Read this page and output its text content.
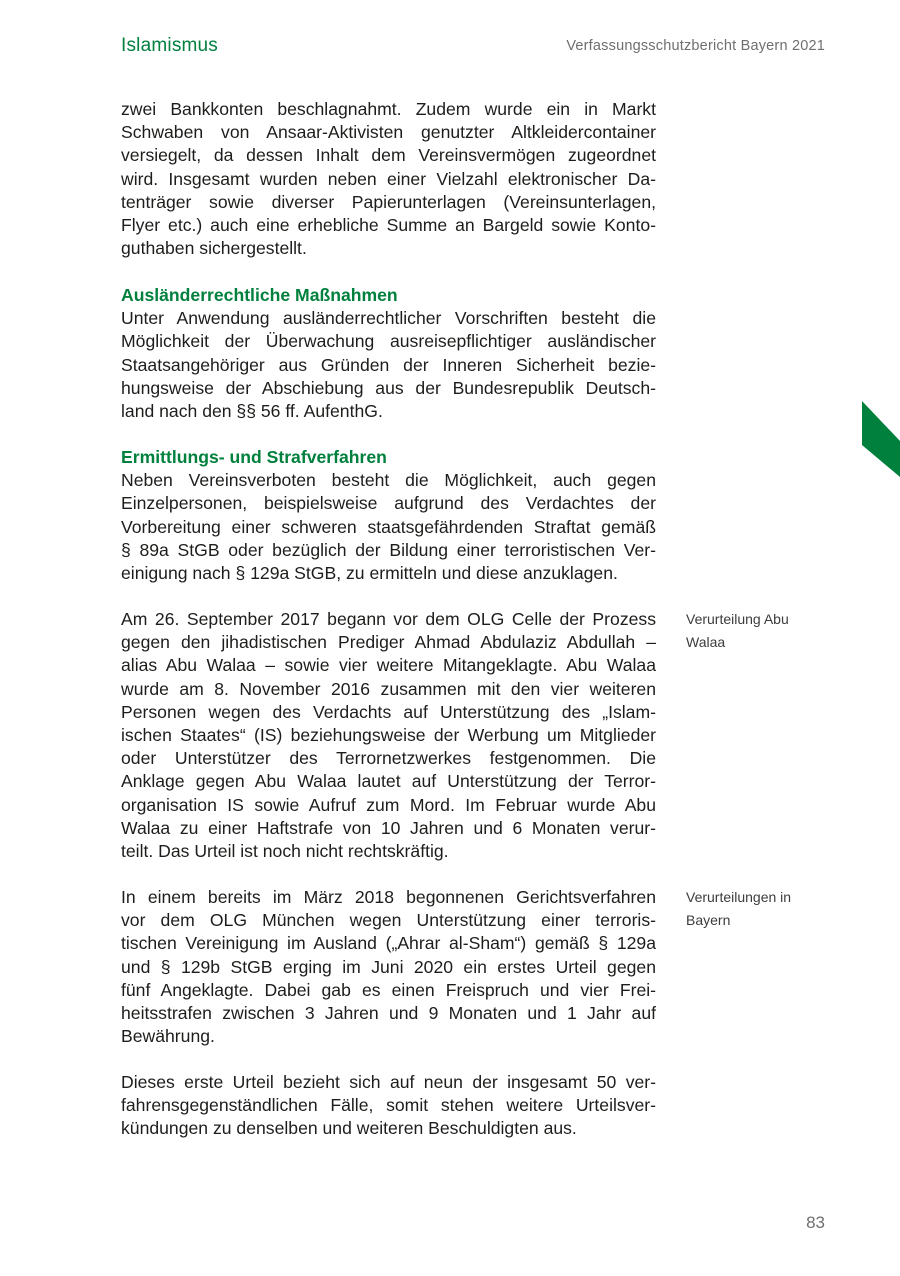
Islamismus	Verfassungsschutzbericht Bayern 2021

zwei Bankkonten beschlagnahmt. Zudem wurde ein in Markt
Schwaben von Ansaar-Aktivisten genutzter Altkleidercontainer
versiegelt, da dessen Inhalt dem Vereinsvermögen zugeordnet
wird. Insgesamt wurden neben einer Vielzahl elektronischer Da-
tenträger sowie diverser Papierunterlagen (Vereinsunterlagen,
Flyer etc.) auch eine erhebliche Summe an Bargeld sowie Konto-
guthaben sichergestellt.

Ausländerrechtliche Maßnahmen

Unter Anwendung ausländerrechtlicher Vorschriften besteht die
Möglichkeit der Überwachung ausreisepflichtiger ausländischer
Staatsangehöriger aus Gründen der Inneren Sicherheit bezie-
hungsweise der Abschiebung aus der Bundesrepublik Deutsch-
land nach den §§ 56 ff. AufenthG.

Ermittlungs- und Strafverfahren

Neben Vereinsverboten besteht die Möglichkeit, auch gegen
Einzelpersonen, beispielsweise aufgrund des Verdachtes der
Vorbereitung einer schweren staatsgefährdenden Straftat gemäß
§ 89a StGB oder bezüglich der Bildung einer terroristischen Ver-
einigung nach § 129a StGB, zu ermitteln und diese anzuklagen.

Am 26. September 2017 begann vor dem OLG Celle der Prozess
gegen den jihadistischen Prediger Ahmad Abdulaziz Abdullah –
alias Abu Walaa – sowie vier weitere Mitangeklagte. Abu Walaa
wurde am 8. November 2016 zusammen mit den vier weiteren
Personen wegen des Verdachts auf Unterstützung des „Islam-
ischen Staates“ (IS) beziehungsweise der Werbung um Mitglieder
oder Unterstützer des Terrornetzwerkes festgenommen. Die
Anklage gegen Abu Walaa lautet auf Unterstützung der Terror-
organisation IS sowie Aufruf zum Mord. Im Februar wurde Abu
Walaa zu einer Haftstrafe von 10 Jahren und 6 Monaten verur-
teilt. Das Urteil ist noch nicht rechtskräftig.

Verurteilung Abu
Walaa

In einem bereits im März 2018 begonnenen Gerichtsverfahren
vor dem OLG München wegen Unterstützung einer terroris-
tischen Vereinigung im Ausland („Ahrar al-Sham“) gemäß § 129a
und § 129b StGB erging im Juni 2020 ein erstes Urteil gegen
fünf Angeklagte. Dabei gab es einen Freispruch und vier Frei-
heitsstrafen zwischen 3 Jahren und 9 Monaten und 1 Jahr auf
Bewährung.

Verurteilungen in
Bayern

Dieses erste Urteil bezieht sich auf neun der insgesamt 50 ver-
fahrensgegenständlichen Fälle, somit stehen weitere Urteilsver-
kündungen zu denselben und weiteren Beschuldigten aus.

83
